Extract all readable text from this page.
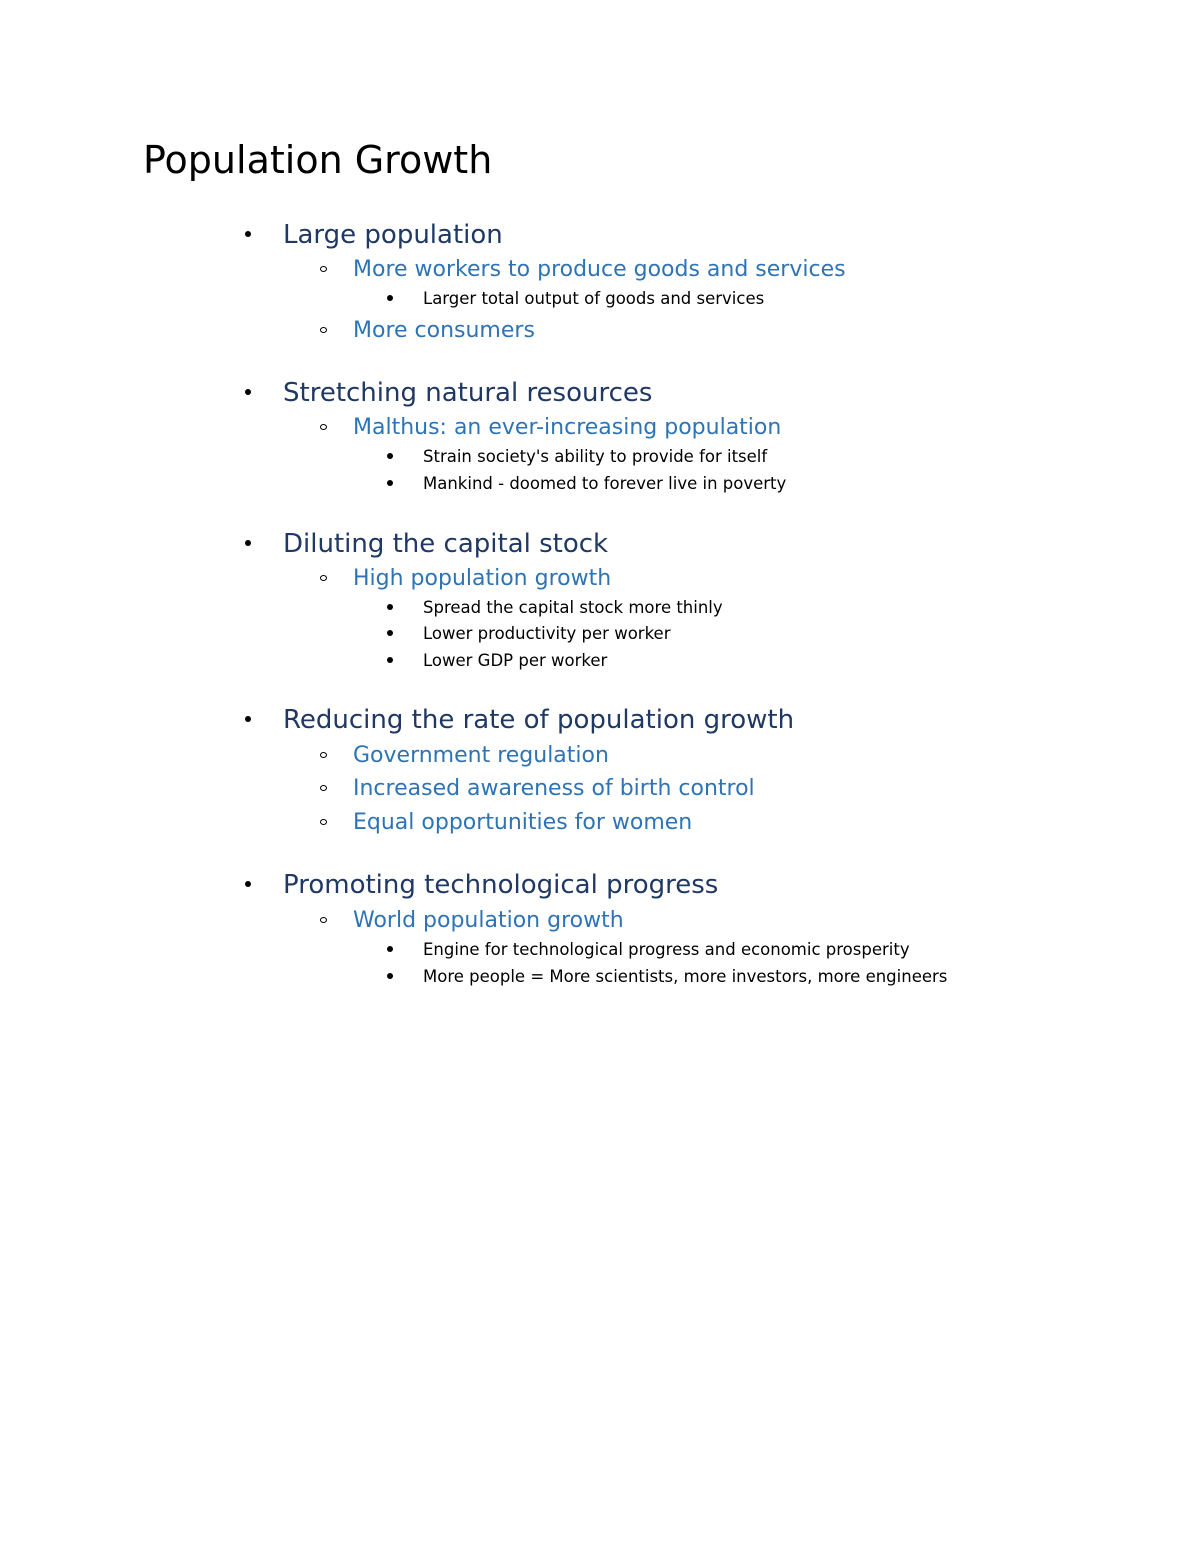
Population Growth
Large population
More workers to produce goods and services
Larger total output of goods and services
More consumers
Stretching natural resources
Malthus: an ever-increasing population
Strain society's ability to provide for itself
Mankind - doomed to forever live in poverty
Diluting the capital stock
High population growth
Spread the capital stock more thinly
Lower productivity per worker
Lower GDP per worker
Reducing the rate of population growth
Government regulation
Increased awareness of birth control
Equal opportunities for women
Promoting technological progress
World population growth
Engine for technological progress and economic prosperity
More people = More scientists, more investors, more engineers
